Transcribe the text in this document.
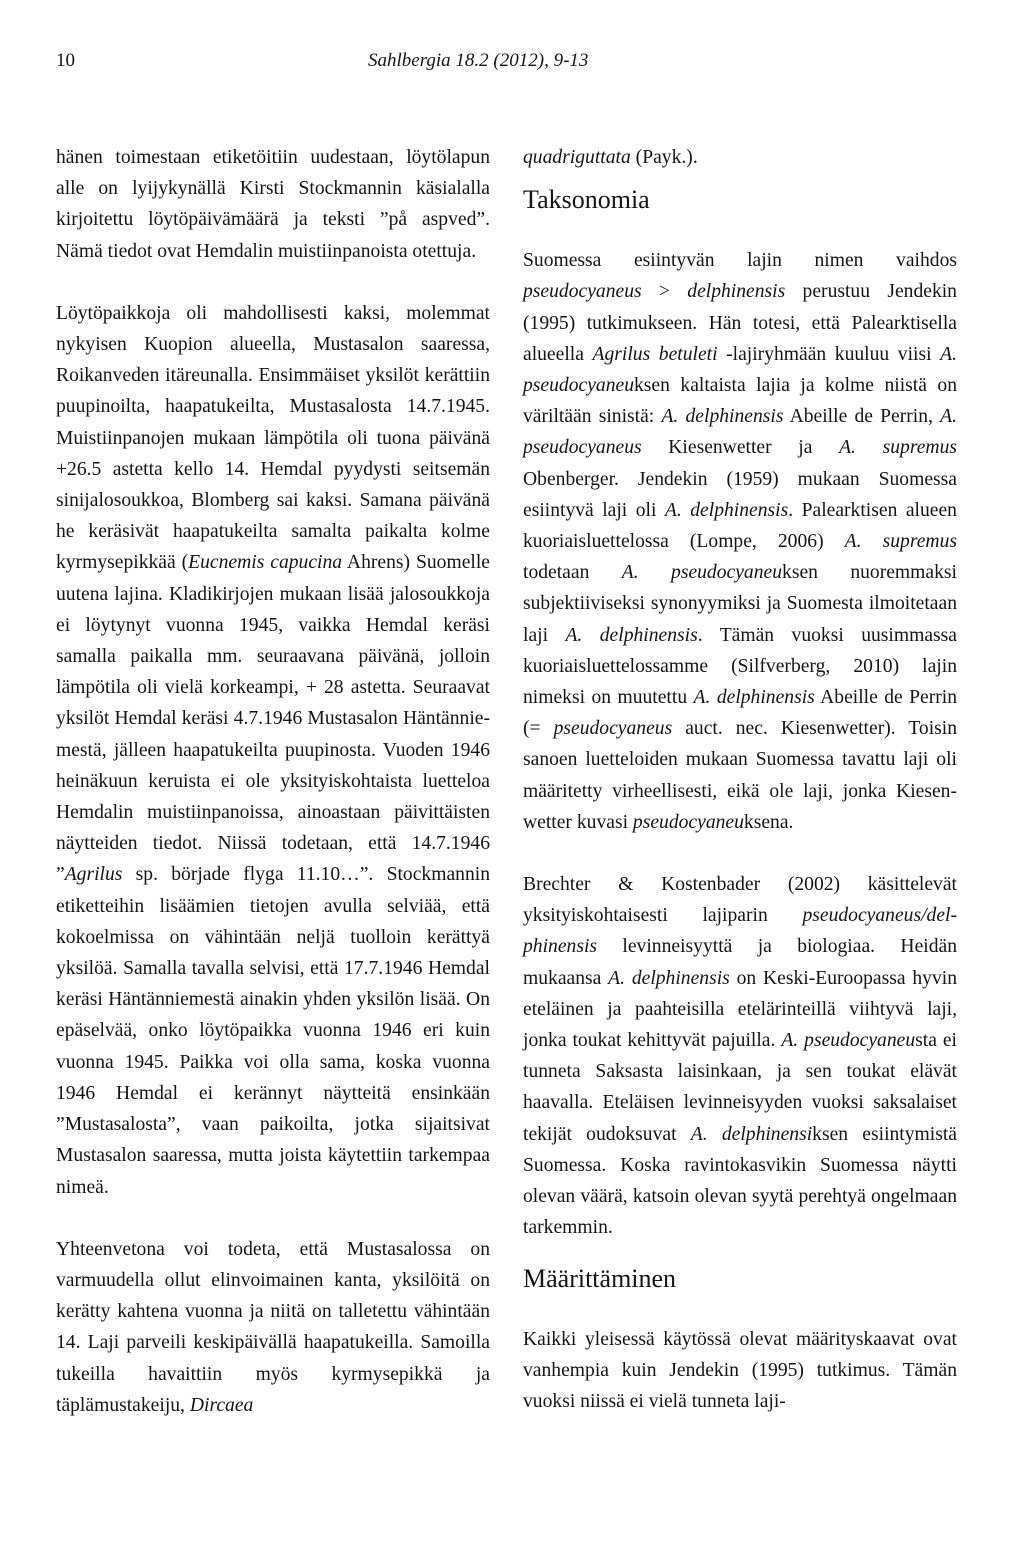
10	Sahlbergia 18.2 (2012), 9-13

hänen toimestaan etiketöitiin uudestaan, löytölapun alle on lyijykynällä Kirsti Stockmannin käsialalla kirjoitettu löytöpäivämäärä ja teksti ”på aspved”. Nämä tiedot ovat Hemdalin muistiinpanoista otettuja.

Löytöpaikkoja oli mahdollisesti kaksi, molemmat nykyisen Kuopion alueella, Mustasalon saaressa, Roikanveden itäreunalla. Ensimmäiset yksilöt kerättiin puupinoilta, haapatukeilta, Mustasalosta 14.7.1945. Muistiinpanojen mukaan lämpötila oli tuona päivänä +26.5 astetta kello 14. Hemdal pyydysti seitsemän sinijalosoukkoa, Blomberg sai kaksi. Samana päivänä he keräsivät haapatukeilta samalta paikalta kolme kyrmysepikkää (Eucnemis capucina Ahrens) Suomelle uutena lajina. Kladikirjojen mukaan lisää jalosoukkoja ei löytynyt vuonna 1945, vaikka Hemdal keräsi samalla paikalla mm. seuraavana päivänä, jolloin lämpötila oli vielä korkeampi, + 28 astetta. Seuraavat yksilöt Hemdal keräsi 4.7.1946 Mustasalon Häntänniemestä, jälleen haapatukeilta puupinosta. Vuoden 1946 heinäkuun keruista ei ole yksityiskohtaista luetteloa Hemdalin muistiinpanoissa, ainoastaan päivittäisten näytteiden tiedot. Niissä todetaan, että 14.7.1946 ”Agrilus sp. började flyga 11.10…”. Stockmannin etiketteihin lisäämien tietojen avulla selviää, että kokoelmissa on vähintään neljä tuolloin kerättyä yksilöä. Samalla tavalla selvisi, että 17.7.1946 Hemdal keräsi Häntänniemestä ainakin yhden yksilön lisää. On epäselvää, onko löytöpaikka vuonna 1946 eri kuin vuonna 1945. Paikka voi olla sama, koska vuonna 1946 Hemdal ei kerännyt näytteitä ensinkään ”Mustasalosta”, vaan paikoilta, jotka sijaitsivat Mustasalon saaressa, mutta joista käytettiin tarkempaa nimeä.

Yhteenvetona voi todeta, että Mustasalossa on varmuudella ollut elinvoimainen kanta, yksilöitä on kerätty kahtena vuonna ja niitä on talletettu vähintään 14. Laji parveili keskipäivällä haapatukeilla. Samoilla tukeilla havaittiin myös kyrmysepikkä ja täplämustakeiju, Dircaea

quadriguttata (Payk.).

Taksonomia

Suomessa esiintyvän lajin nimen vaihdos pseudocyaneus > delphinensis perustuu Jendekin (1995) tutkimukseen. Hän totesi, että Palearktisella alueella Agrilus betuleti -lajiryhmään kuuluu viisi A. pseudocyaneuksen kaltaista lajia ja kolme niistä on väriltään sinistä: A. delphinensis Abeille de Perrin, A. pseudocyaneus Kiesenwetter ja A. supremus Obenberger. Jendekin (1959) mukaan Suomessa esiintyvä laji oli A. delphinensis. Palearktisen alueen kuoriaisluettelossa (Lompe, 2006) A. supremus todetaan A. pseudocyaneuksen nuoremmaksi subjektiiviseksi synonyymiksi ja Suomesta ilmoitetaan laji A. delphinensis. Tämän vuoksi uusimmassa kuoriaisluettelossamme (Silfverberg, 2010) lajin nimeksi on muutettu A. delphinensis Abeille de Perrin (= pseudocyaneus auct. nec. Kiesenwetter). Toisin sanoen luetteloiden mukaan Suomessa tavattu laji oli määritetty virheellisesti, eikä ole laji, jonka Kiesenwetter kuvasi pseudocyaneuksena.

Brechter & Kostenbader (2002) käsittelevät yksityiskohtaisesti lajiparin pseudocyaneus/delphinensis levinneisyyttä ja biologiaa. Heidän mukaansa A. delphinensis on Keski-Euroopassa hyvin eteläinen ja paahteisilla etelärinteillä viihtyvä laji, jonka toukat kehittyvät pajuilla. A. pseudocyaneusta ei tunneta Saksasta laisinkaan, ja sen toukat elävät haavalla. Eteläisen levinneisyyden vuoksi saksalaiset tekijät oudoksuvat A. delphinensiksen esiintymistä Suomessa. Koska ravintokasvikin Suomessa näytti olevan väärä, katsoin olevan syytä perehtyä ongelmaan tarkemmin.

Määrittäminen

Kaikki yleisessä käytössä olevat määrityskaavat ovat vanhempia kuin Jendekin (1995) tutkimus. Tämän vuoksi niissä ei vielä tunneta laji-
